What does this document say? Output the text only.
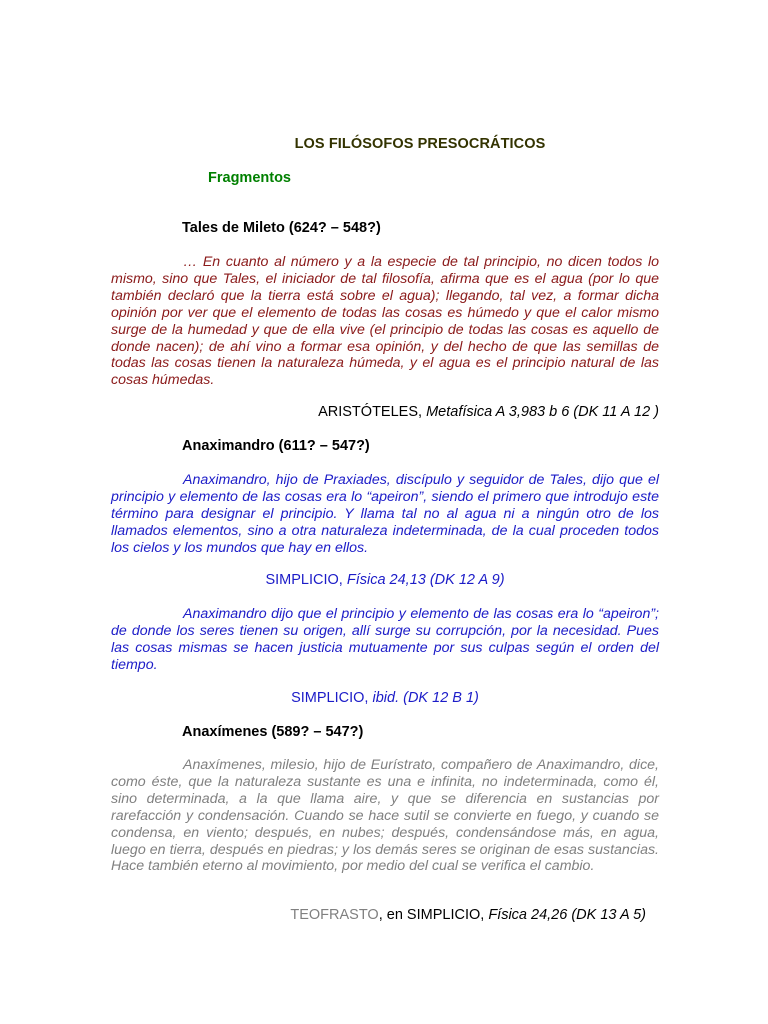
LOS FILÓSOFOS PRESOCRÁTICOS
Fragmentos
Tales de Mileto (624? – 548?)

… En cuanto al número y a la especie de tal principio, no dicen todos lo mismo, sino que Tales, el iniciador de tal filosofía, afirma que es el agua (por lo que también declaró que la tierra está sobre el agua); llegando, tal vez, a formar dicha opinión por ver que el elemento de todas las cosas es húmedo y que el calor mismo surge de la humedad y que de ella vive (el principio de todas las cosas es aquello de donde nacen); de ahí vino a formar esa opinión, y del hecho de que las semillas de todas las cosas tienen la naturaleza húmeda, y el agua es el principio natural de las cosas húmedas.

ARISTÓTELES, Metafísica A 3,983 b 6 (DK 11 A 12 )
Anaximandro (611? – 547?)

Anaximandro, hijo de Praxiades, discípulo y seguidor de Tales, dijo que el principio y elemento de las cosas era lo “apeiron”, siendo el primero que introdujo este término para designar el principio. Y llama tal no al agua ni a ningún otro de los llamados elementos, sino a otra naturaleza indeterminada, de la cual proceden todos los cielos y los mundos que hay en ellos.

SIMPLICIO, Física 24,13 (DK 12 A 9)

Anaximandro dijo que el principio y elemento de las cosas era lo “apeiron”; de donde los seres tienen su origen, allí surge su corrupción, por la necesidad. Pues las cosas mismas se hacen justicia mutuamente por sus culpas según el orden del tiempo.

SIMPLICIO, ibid. (DK 12 B 1)
Anaxímenes (589? – 547?)

Anaxímenes, milesio, hijo de Eurístrato, compañero de Anaximandro, dice, como éste, que la naturaleza sustante es una e infinita, no indeterminada, como él, sino determinada, a la que llama aire, y que se diferencia en sustancias por rarefacción y condensación. Cuando se hace sutil se convierte en fuego, y cuando se condensa, en viento; después, en nubes; después, condensándose más, en agua, luego en tierra, después en piedras; y los demás seres se originan de esas sustancias. Hace también eterno al movimiento, por medio del cual se verifica el cambio.

TEOFRASTO, en SIMPLICIO, Física 24,26 (DK 13 A 5)
